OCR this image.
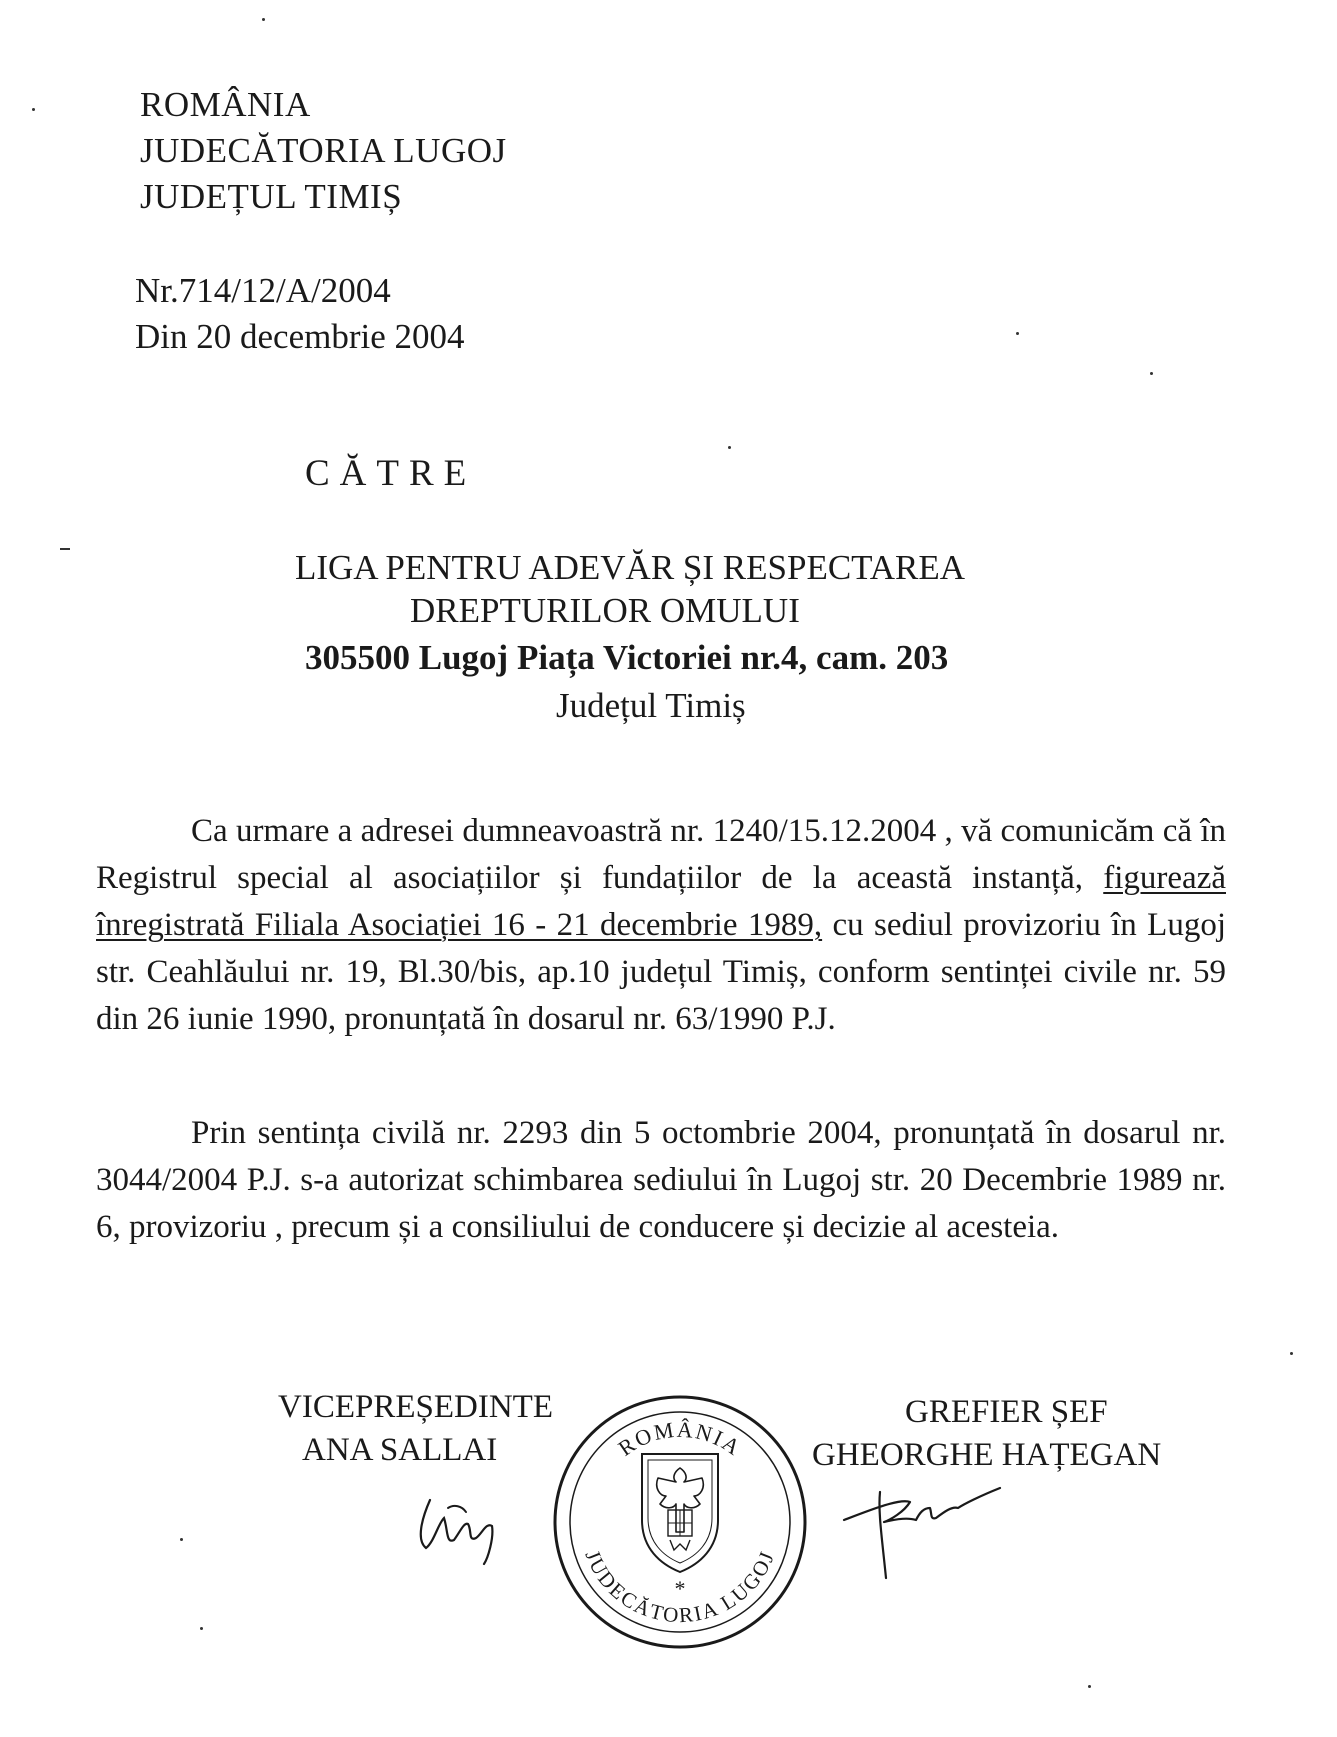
ROMÂNIA
JUDECĂTORIA LUGOJ
JUDEȚUL TIMIȘ
Nr.714/12/A/2004
Din 20 decembrie 2004
CĂTRE
LIGA PENTRU ADEVĂR ȘI RESPECTAREA
DREPTURILOR OMULUI
305500 Lugoj Piața Victoriei nr.4, cam. 203
Județul Timiș

Ca urmare a adresei dumneavoastră nr. 1240/15.12.2004 , vă comunicăm că în Registrul special al asociațiilor și fundațiilor de la această instanță, figurează înregistrată Filiala Asociației 16 - 21 decembrie 1989, cu sediul provizoriu în Lugoj str. Ceahlăului nr. 19, Bl.30/bis, ap.10 județul Timiș, conform sentinței civile nr. 59 din 26 iunie 1990, pronunțată în dosarul nr. 63/1990 P.J.

Prin sentința civilă nr. 2293 din 5 octombrie 2004, pronunțată în dosarul nr. 3044/2004 P.J. s-a autorizat schimbarea sediului în Lugoj str. 20 Decembrie 1989 nr. 6, provizoriu , precum și a consiliului de conducere și decizie al acesteia.

VICEPREȘEDINTE
ANA SALLAI
GREFIER ȘEF
GHEORGHE HAȚEGAN
ROMÂNIA
JUDECĂTORIA LUGOJ
*
